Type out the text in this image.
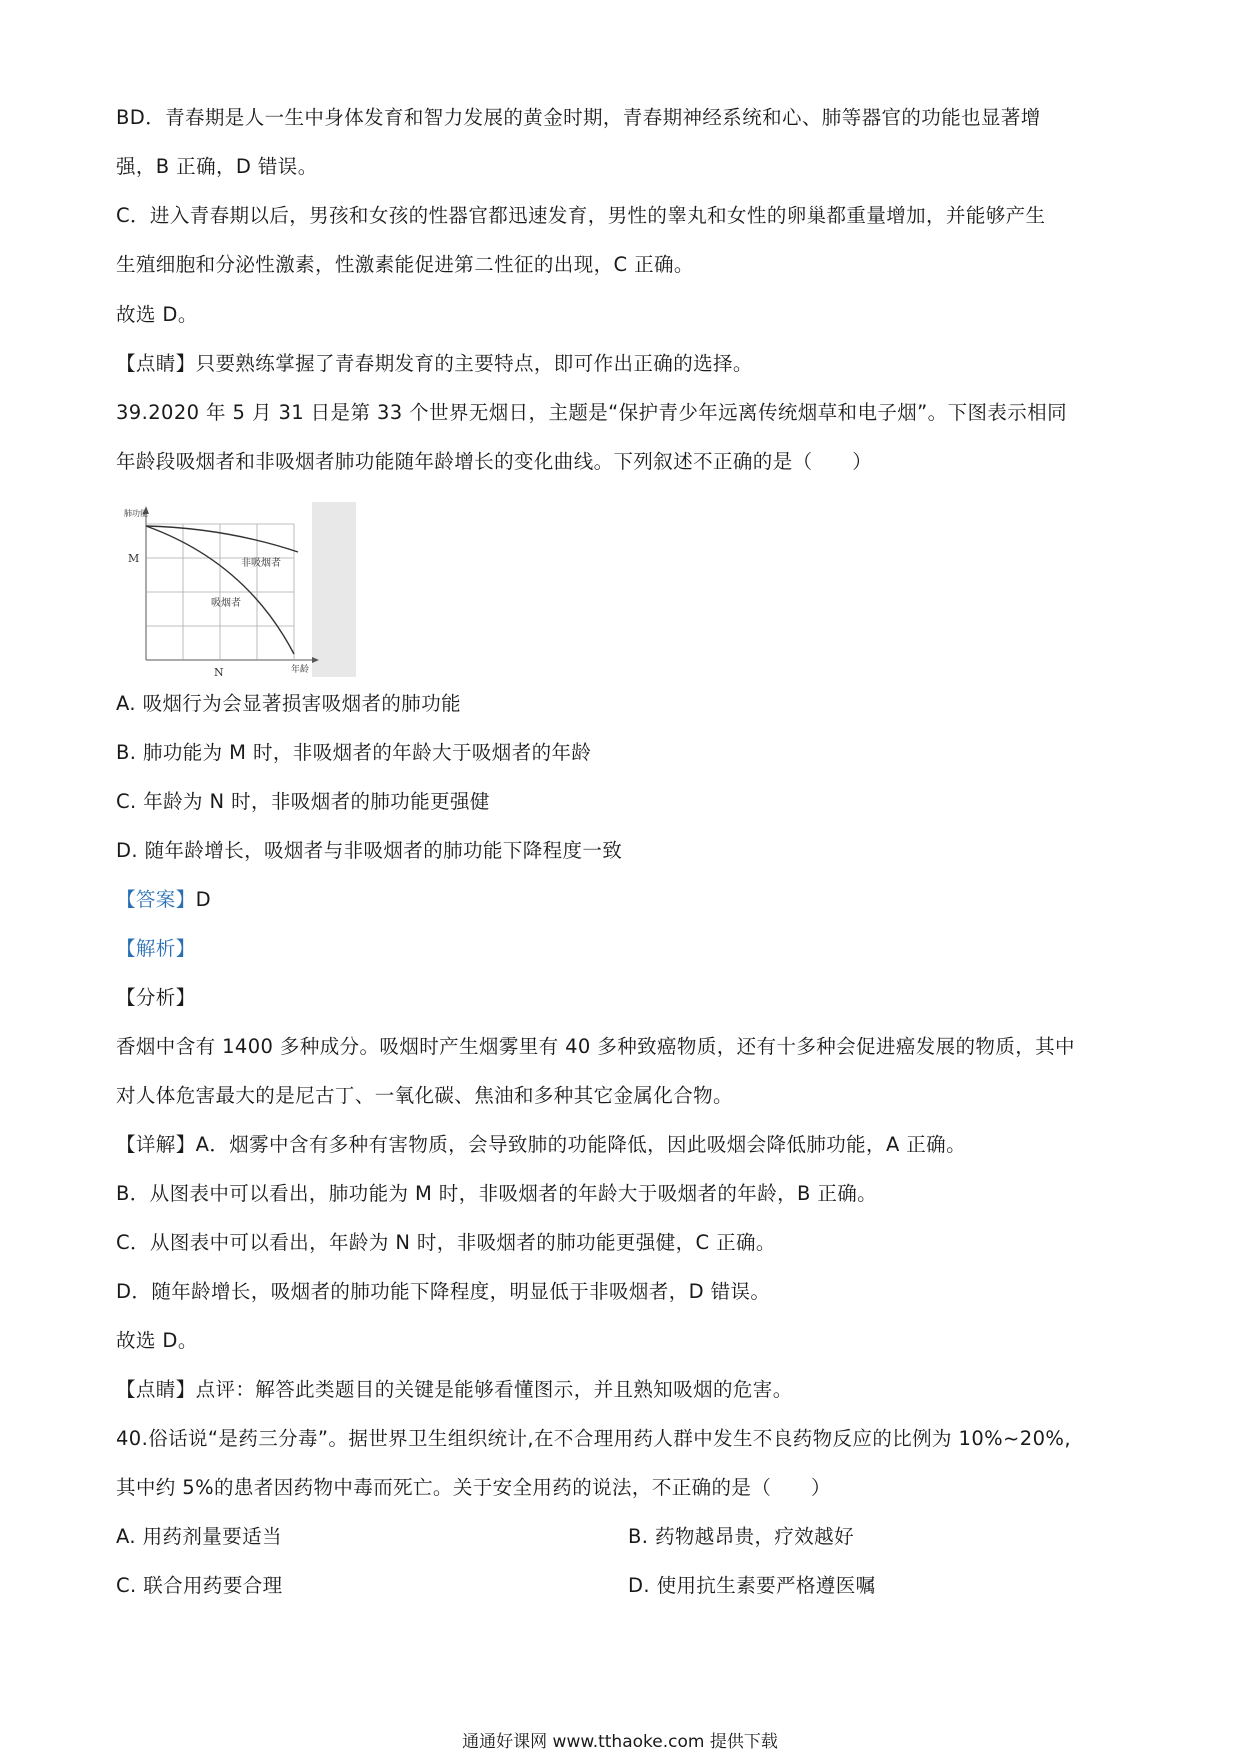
BD．青春期是人一生中身体发育和智力发展的黄金时期，青春期神经系统和心、肺等器官的功能也显著增
强，B 正确，D 错误。
C．进入青春期以后，男孩和女孩的性器官都迅速发育，男性的睾丸和女性的卵巢都重量增加，并能够产生
生殖细胞和分泌性激素，性激素能促进第二性征的出现，C 正确。
故选 D。
【点睛】只要熟练掌握了青春期发育的主要特点，即可作出正确的选择。
39.2020 年 5 月 31 日是第 33 个世界无烟日，主题是“保护青少年远离传统烟草和电子烟”。下图表示相同
年龄段吸烟者和非吸烟者肺功能随年龄增长的变化曲线。下列叙述不正确的是（　　）
肺功能
M
N	年龄
非吸烟者
吸烟者
A. 吸烟行为会显著损害吸烟者的肺功能
B. 肺功能为 M 时，非吸烟者的年龄大于吸烟者的年龄
C. 年龄为 N 时，非吸烟者的肺功能更强健
D. 随年龄增长，吸烟者与非吸烟者的肺功能下降程度一致
【答案】D
【解析】
【分析】
香烟中含有 1400 多种成分。吸烟时产生烟雾里有 40 多种致癌物质，还有十多种会促进癌发展的物质，其中
对人体危害最大的是尼古丁、一氧化碳、焦油和多种其它金属化合物。
【详解】A．烟雾中含有多种有害物质，会导致肺的功能降低，因此吸烟会降低肺功能，A 正确。
B．从图表中可以看出，肺功能为 M 时，非吸烟者的年龄大于吸烟者的年龄，B 正确。
C．从图表中可以看出，年龄为 N 时，非吸烟者的肺功能更强健，C 正确。
D．随年龄增长，吸烟者的肺功能下降程度，明显低于非吸烟者，D 错误。
故选 D。
【点睛】点评：解答此类题目的关键是能够看懂图示，并且熟知吸烟的危害。
40.俗话说“是药三分毒”。据世界卫生组织统计,在不合理用药人群中发生不良药物反应的比例为 10%~20%,
其中约 5%的患者因药物中毒而死亡。关于安全用药的说法，不正确的是（　　）
A. 用药剂量要适当	B. 药物越昂贵，疗效越好
C. 联合用药要合理	D. 使用抗生素要严格遵医嘱
通通好课网 www.tthaoke.com 提供下载
